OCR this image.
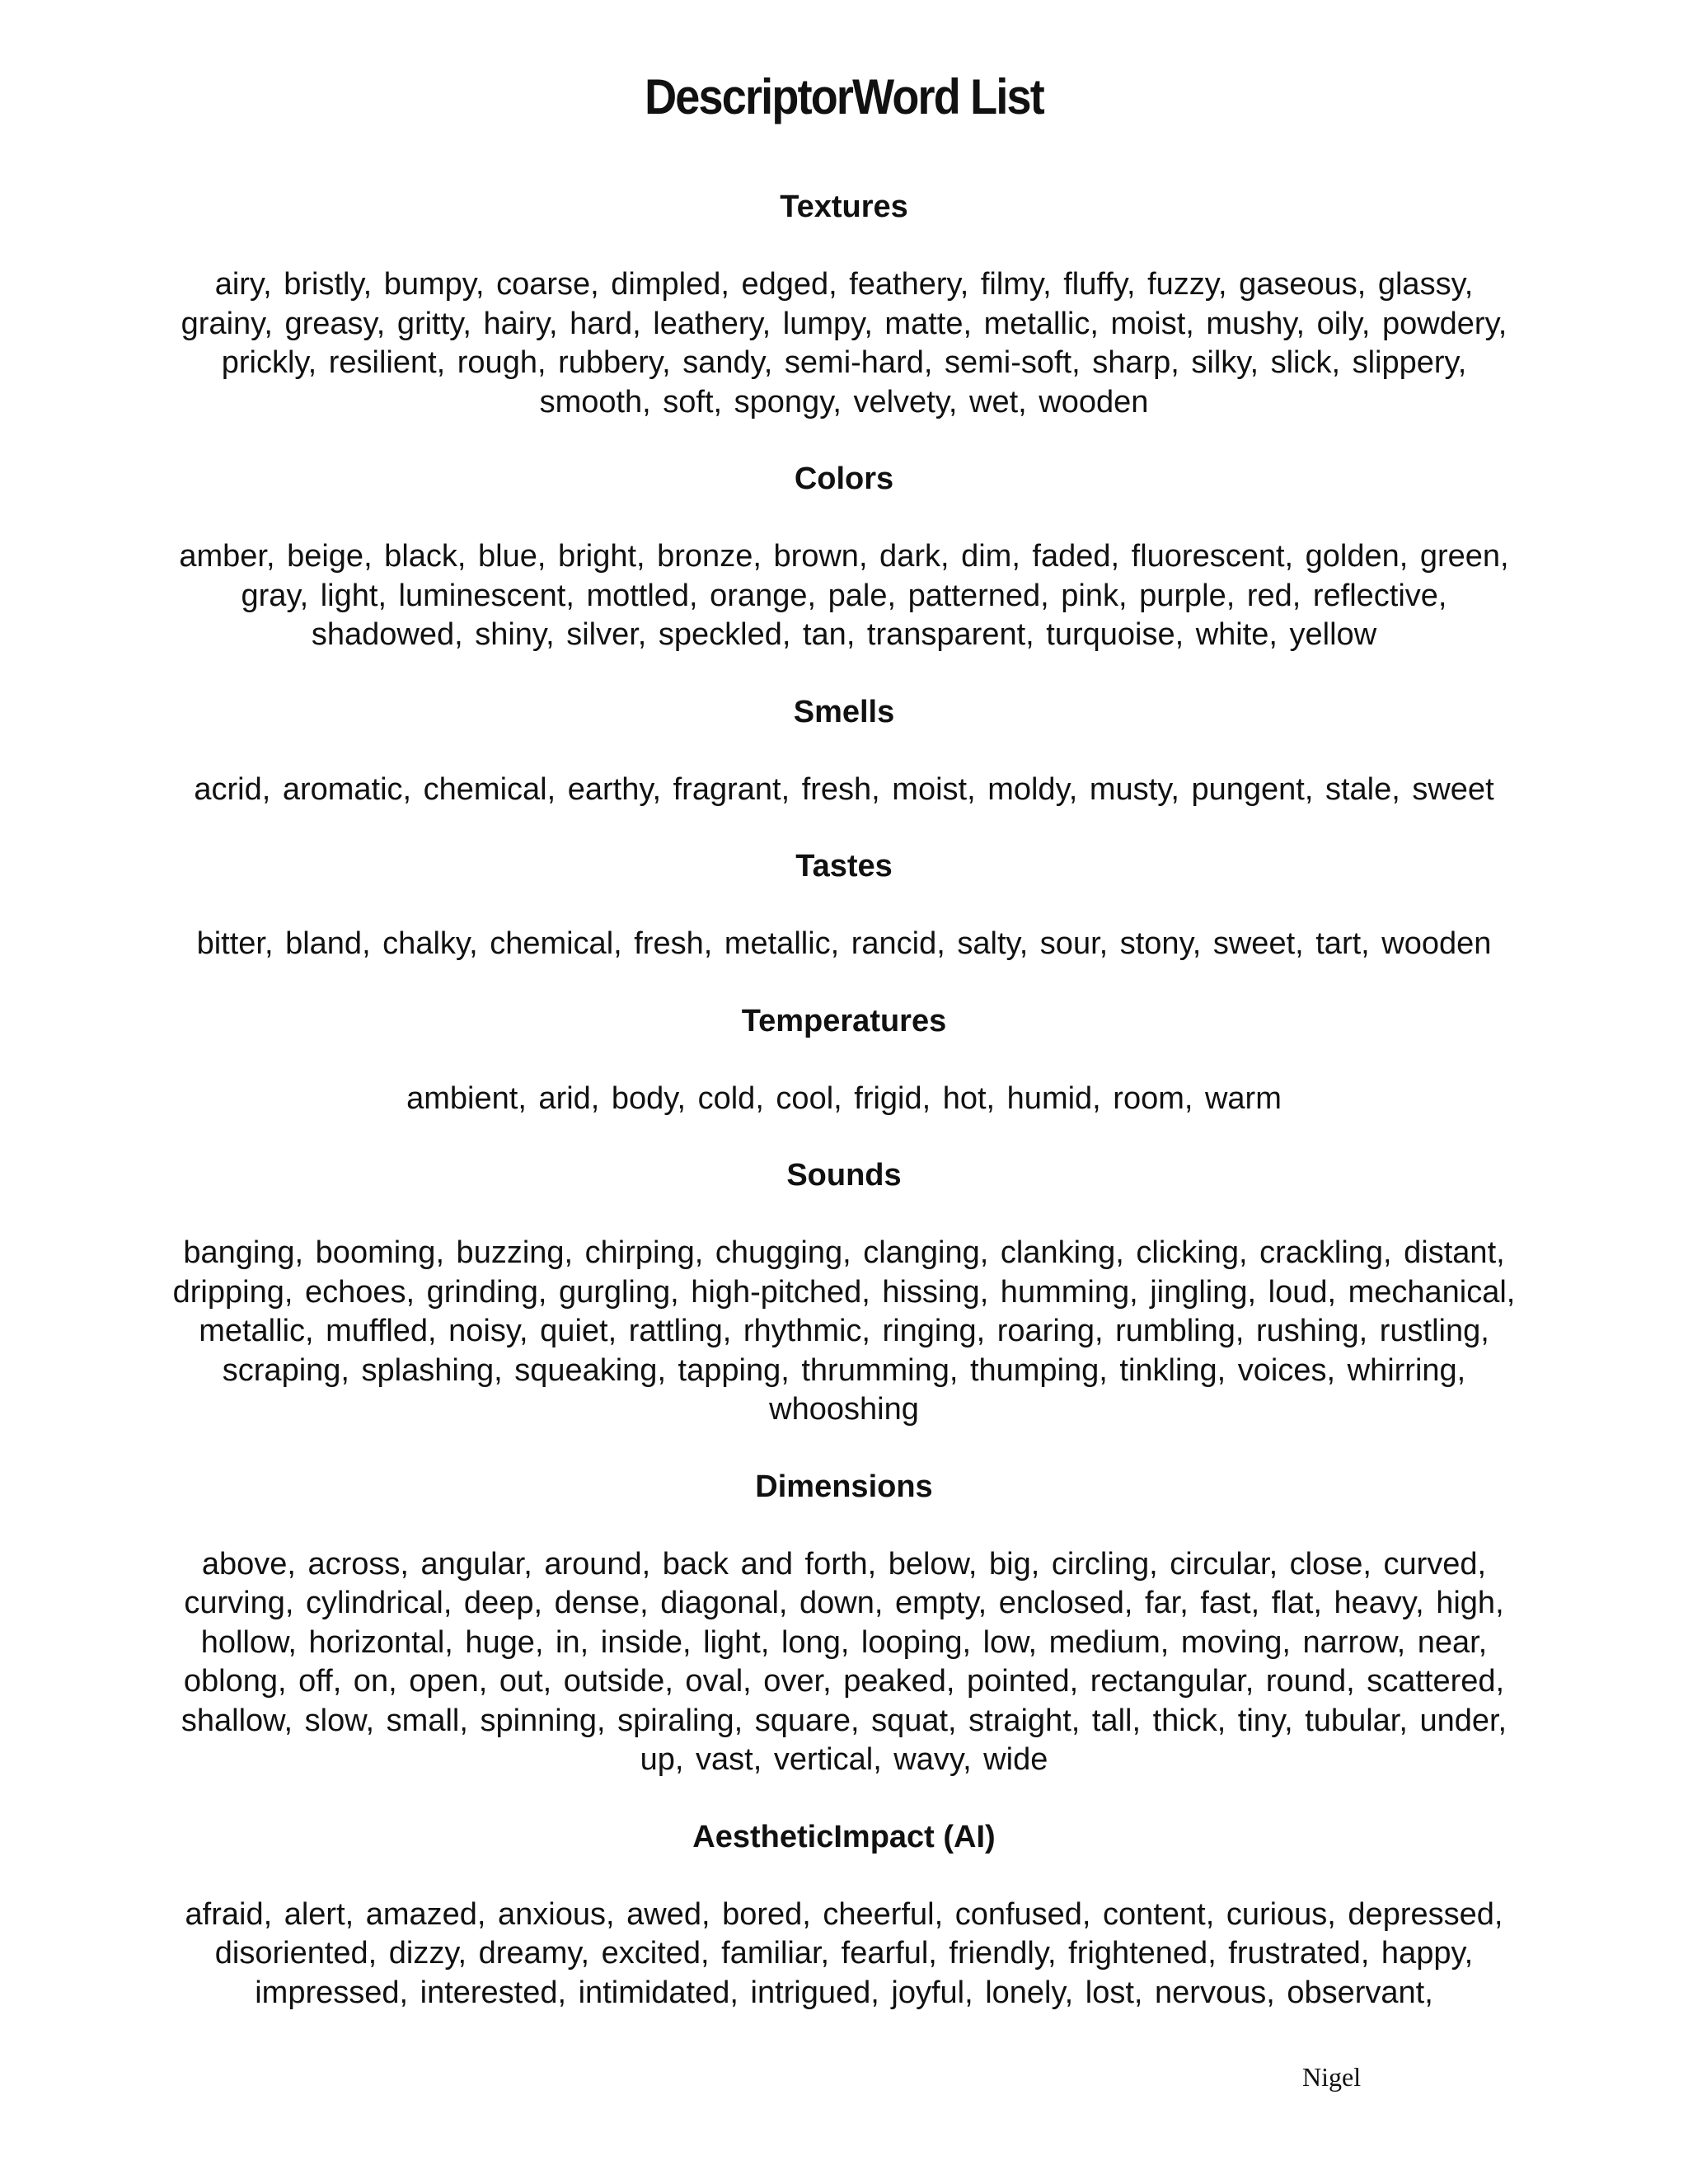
DescriptorWord List
Textures
airy, bristly, bumpy, coarse, dimpled, edged, feathery, filmy, fluffy, fuzzy, gaseous, glassy,
grainy, greasy, gritty, hairy, hard, leathery, lumpy, matte, metallic, moist, mushy, oily, powdery,
prickly, resilient, rough, rubbery, sandy, semi-hard, semi-soft, sharp, silky, slick, slippery,
smooth, soft, spongy, velvety, wet, wooden
Colors
amber, beige, black, blue, bright, bronze, brown, dark, dim, faded, fluorescent, golden, green,
gray, light, luminescent, mottled, orange, pale, patterned, pink, purple, red, reflective,
shadowed, shiny, silver, speckled, tan, transparent, turquoise, white, yellow
Smells
acrid, aromatic, chemical, earthy, fragrant, fresh, moist, moldy, musty, pungent, stale, sweet
Tastes
bitter, bland, chalky, chemical, fresh, metallic, rancid, salty, sour, stony, sweet, tart, wooden
Temperatures
ambient, arid, body, cold, cool, frigid, hot, humid, room, warm
Sounds
banging, booming, buzzing, chirping, chugging, clanging, clanking, clicking, crackling, distant,
dripping, echoes, grinding, gurgling, high-pitched, hissing, humming, jingling, loud, mechanical,
metallic, muffled, noisy, quiet, rattling, rhythmic, ringing, roaring, rumbling, rushing, rustling,
scraping, splashing, squeaking, tapping, thrumming, thumping, tinkling, voices, whirring,
whooshing
Dimensions
above, across, angular, around, back and forth, below, big, circling, circular, close, curved,
curving, cylindrical, deep, dense, diagonal, down, empty, enclosed, far, fast, flat, heavy, high,
hollow, horizontal, huge, in, inside, light, long, looping, low, medium, moving, narrow, near,
oblong, off, on, open, out, outside, oval, over, peaked, pointed, rectangular, round, scattered,
shallow, slow, small, spinning, spiraling, square, squat, straight, tall, thick, tiny, tubular, under,
up, vast, vertical, wavy, wide
AestheticImpact (AI)
afraid, alert, amazed, anxious, awed, bored, cheerful, confused, content, curious, depressed,
disoriented, dizzy, dreamy, excited, familiar, fearful, friendly, frightened, frustrated, happy,
impressed, interested, intimidated, intrigued, joyful, lonely, lost, nervous, observant,
Nigel
